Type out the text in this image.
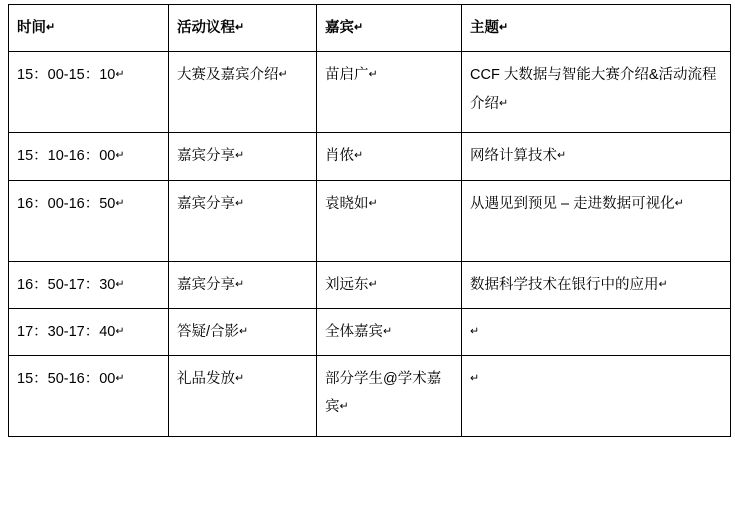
时间↵	活动议程↵	嘉宾↵	主题↵
15：00-15：10↵	大赛及嘉宾介绍↵	苗启广↵	CCF 大数据与智能大赛介绍&活动流程介绍↵
15：10-16：00↵	嘉宾分享↵	肖侬↵	网络计算技术↵
16：00-16：50↵	嘉宾分享↵	袁晓如↵	从遇见到预见 – 走进数据可视化↵
16：50-17：30↵	嘉宾分享↵	刘远东↵	数据科学技术在银行中的应用↵
17：30-17：40↵	答疑/合影↵	全体嘉宾↵	↵
15：50-16：00↵	礼品发放↵	部分学生@学术嘉宾↵	↵
